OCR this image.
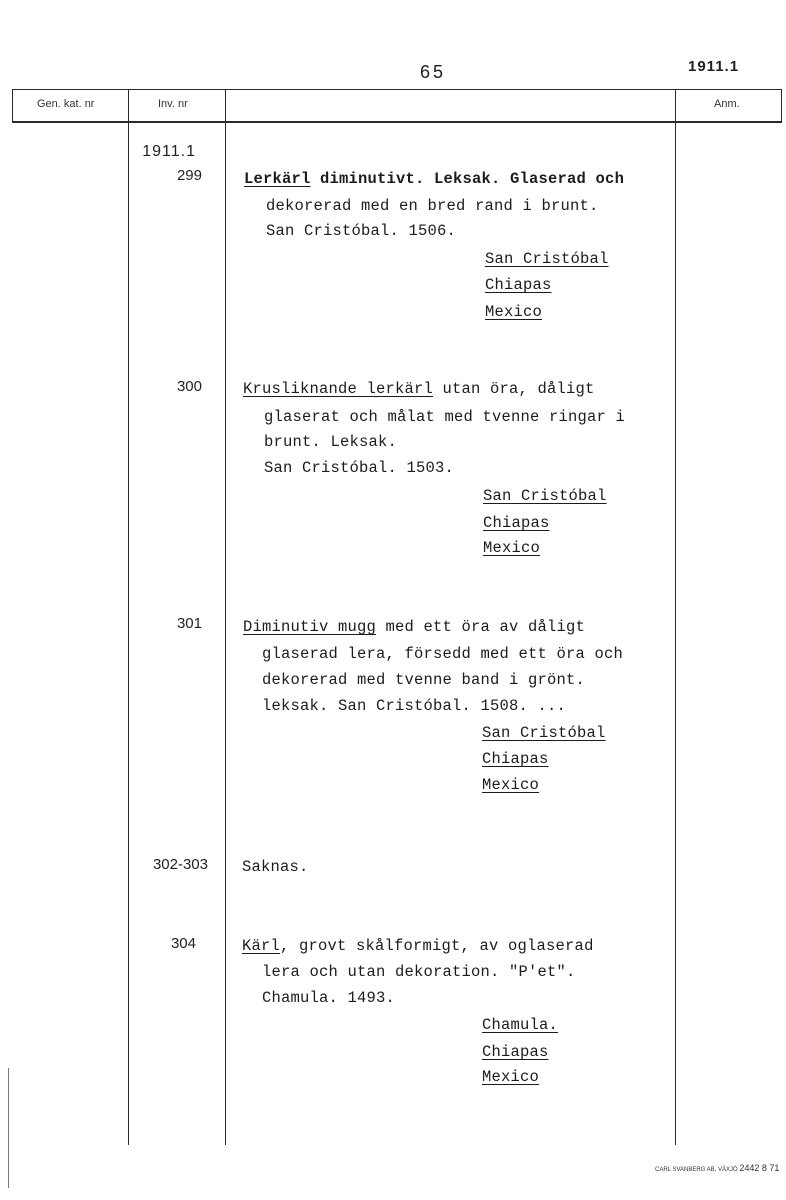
65	1911.1
Gen. kat. nr	Inv. nr	Anm.
1911.1
299	Lerkärl diminutivt. Leksak. Glaserad och
dekorerad med en bred rand i brunt.
San Cristóbal. 1506.
San Cristóbal
Chiapas
Mexico
300	Krusliknande lerkärl utan öra, dåligt
glaserat och målat med tvenne ringar i
brunt. Leksak.
San Cristóbal. 1503.
San Cristóbal
Chiapas
Mexico
301	Diminutiv mugg med ett öra av dåligt
glaserad lera, försedd med ett öra och
dekorerad med tvenne band i grönt.
leksak. San Cristóbal. 1508. ...
San Cristóbal
Chiapas
Mexico
302-303 Saknas.
304	Kärl, grovt skålformigt, av oglaserad
lera och utan dekoration. "P'et".
Chamula. 1493.
Chamula.
Chiapas
Mexico
CARL SVANBERG AB, VÄXJÖ 2442 8 71
